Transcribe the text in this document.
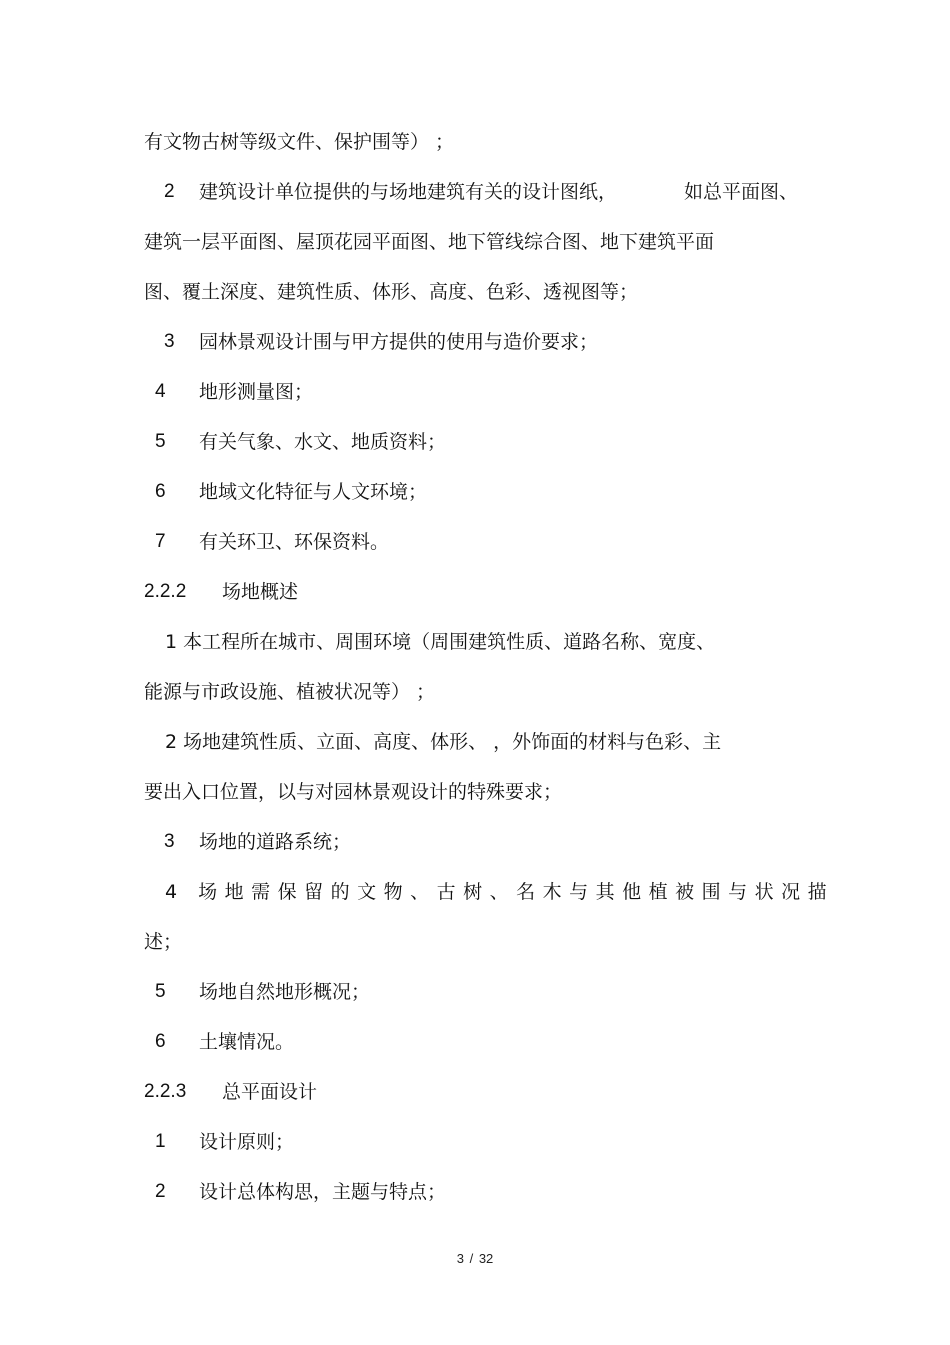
有文物古树等级文件、保护围等） ；
2 建筑设计单位提供的与场地建筑有关的设计图纸，	如总平面图、
建筑一层平面图、屋顶花园平面图、地下管线综合图、地下建筑平面
图、覆土深度、建筑性质、体形、高度、色彩、透视图等；
3 园林景观设计围与甲方提供的使用与造价要求；
4 地形测量图；
5 有关气象、水文、地质资料；
6 地域文化特征与人文环境；
7 有关环卫、环保资料。
2.2.2 场地概述
1 本工程所在城市、周围环境（周围建筑性质、道路名称、宽度、
能源与市政设施、植被状况等） ；
2 场地建筑性质、立面、高度、体形、 ，外饰面的材料与色彩、主
要出入口位置，以与对园林景观设计的特殊要求；
3 场地的道路系统；
4 场地需保留的文物、古树、名木与其他植被围与状况描
述；
5 场地自然地形概况；
6 土壤情况。
2.2.3 总平面设计
1 设计原则；
2 设计总体构思，主题与特点；
3 / 32
